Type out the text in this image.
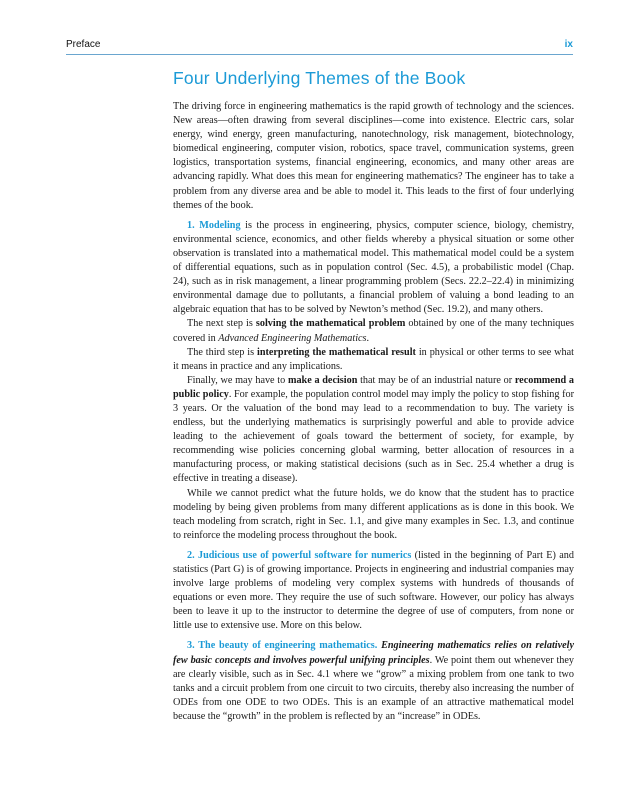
Preface	ix
Four Underlying Themes of the Book

The driving force in engineering mathematics is the rapid growth of technology and the sciences. New areas—often drawing from several disciplines—come into existence. Electric cars, solar energy, wind energy, green manufacturing, nanotechnology, risk management, biotechnology, biomedical engineering, computer vision, robotics, space travel, communication systems, green logistics, transportation systems, financial engineering, economics, and many other areas are advancing rapidly. What does this mean for engineering mathematics? The engineer has to take a problem from any diverse area and be able to model it. This leads to the first of four underlying themes of the book.

1. Modeling is the process in engineering, physics, computer science, biology, chemistry, environmental science, economics, and other fields whereby a physical situation or some other observation is translated into a mathematical model. This mathematical model could be a system of differential equations, such as in population control (Sec. 4.5), a probabilistic model (Chap. 24), such as in risk management, a linear programming problem (Secs. 22.2–22.4) in minimizing environmental damage due to pollutants, a financial problem of valuing a bond leading to an algebraic equation that has to be solved by Newton’s method (Sec. 19.2), and many others.

The next step is solving the mathematical problem obtained by one of the many techniques covered in Advanced Engineering Mathematics.

The third step is interpreting the mathematical result in physical or other terms to see what it means in practice and any implications.

Finally, we may have to make a decision that may be of an industrial nature or recommend a public policy. For example, the population control model may imply the policy to stop fishing for 3 years. Or the valuation of the bond may lead to a recommendation to buy. The variety is endless, but the underlying mathematics is surprisingly powerful and able to provide advice leading to the achievement of goals toward the betterment of society, for example, by recommending wise policies concerning global warming, better allocation of resources in a manufacturing process, or making statistical decisions (such as in Sec. 25.4 whether a drug is effective in treating a disease).

While we cannot predict what the future holds, we do know that the student has to practice modeling by being given problems from many different applications as is done in this book. We teach modeling from scratch, right in Sec. 1.1, and give many examples in Sec. 1.3, and continue to reinforce the modeling process throughout the book.

2. Judicious use of powerful software for numerics (listed in the beginning of Part E) and statistics (Part G) is of growing importance. Projects in engineering and industrial companies may involve large problems of modeling very complex systems with hundreds of thousands of equations or even more. They require the use of such software. However, our policy has always been to leave it up to the instructor to determine the degree of use of computers, from none or little use to extensive use. More on this below.

3. The beauty of engineering mathematics. Engineering mathematics relies on relatively few basic concepts and involves powerful unifying principles. We point them out whenever they are clearly visible, such as in Sec. 4.1 where we “grow” a mixing problem from one tank to two tanks and a circuit problem from one circuit to two circuits, thereby also increasing the number of ODEs from one ODE to two ODEs. This is an example of an attractive mathematical model because the “growth” in the problem is reflected by an “increase” in ODEs.
